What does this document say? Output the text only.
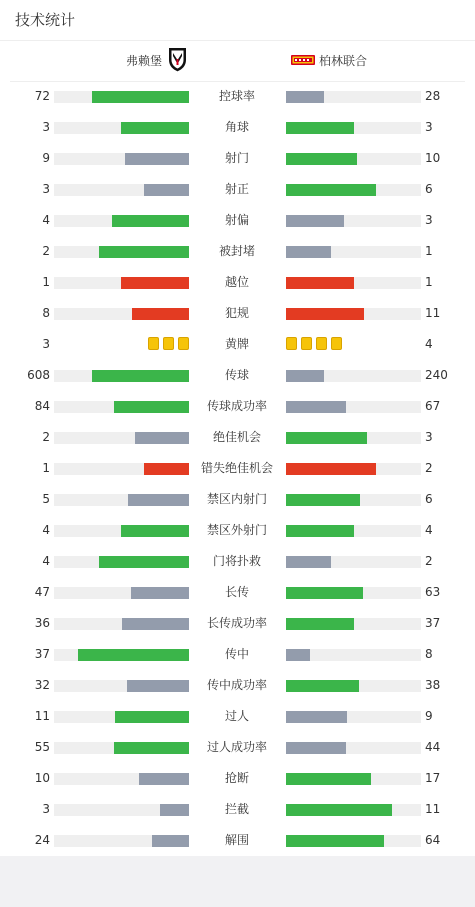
技术统计
弗赖堡	柏林联合
72	控球率	28
3	角球	3
9	射门	10
3	射正	6
4	射偏	3
2	被封堵	1
1	越位	1
8	犯规	11
3	黄牌	4
608	传球	240
84	传球成功率	67
2	绝佳机会	3
1	错失绝佳机会	2
5	禁区内射门	6
4	禁区外射门	4
4	门将扑救	2
47	长传	63
36	长传成功率	37
37	传中	8
32	传中成功率	38
11	过人	9
55	过人成功率	44
10	抢断	17
3	拦截	11
24	解围	64
